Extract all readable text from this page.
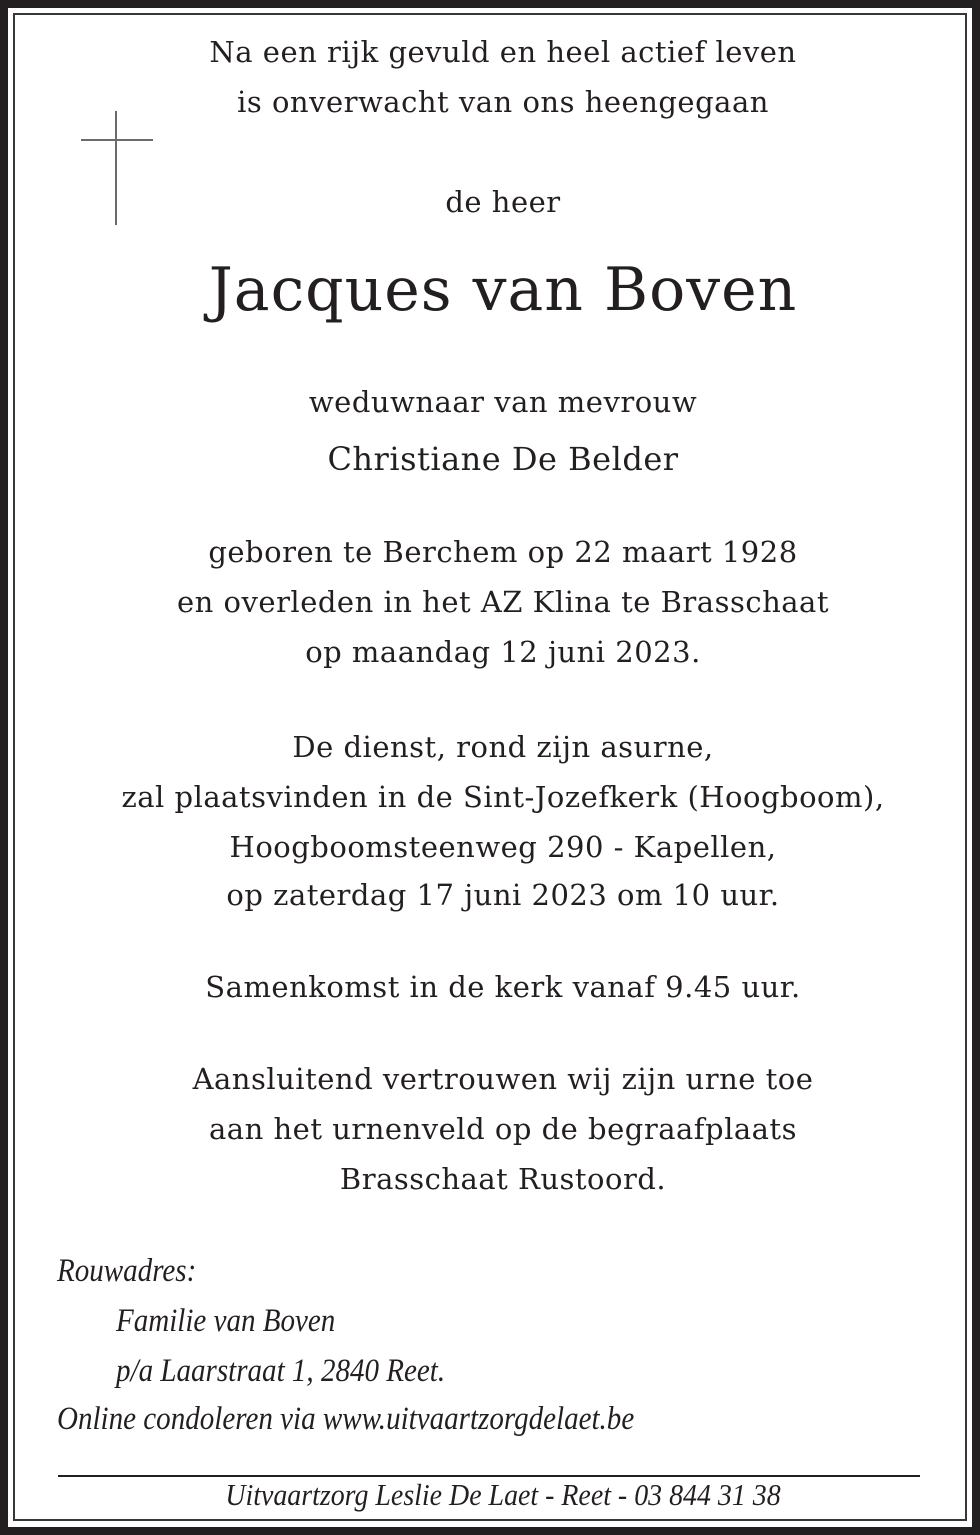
Na een rijk gevuld en heel actief leven
is onverwacht van ons heengegaan
de heer
Jacques van Boven
weduwnaar van mevrouw
Christiane De Belder
geboren te Berchem op 22 maart 1928
en overleden in het AZ Klina te Brasschaat
op maandag 12 juni 2023.
De dienst, rond zijn asurne,
zal plaatsvinden in de Sint-Jozefkerk (Hoogboom),
Hoogboomsteenweg 290 - Kapellen,
op zaterdag 17 juni 2023 om 10 uur.
Samenkomst in de kerk vanaf 9.45 uur.
Aansluitend vertrouwen wij zijn urne toe
aan het urnenveld op de begraafplaats
Brasschaat Rustoord.
Rouwadres:
Familie van Boven
p/a Laarstraat 1, 2840 Reet.
Online condoleren via www.uitvaartzorgdelaet.be
Uitvaartzorg Leslie De Laet - Reet - 03 844 31 38
